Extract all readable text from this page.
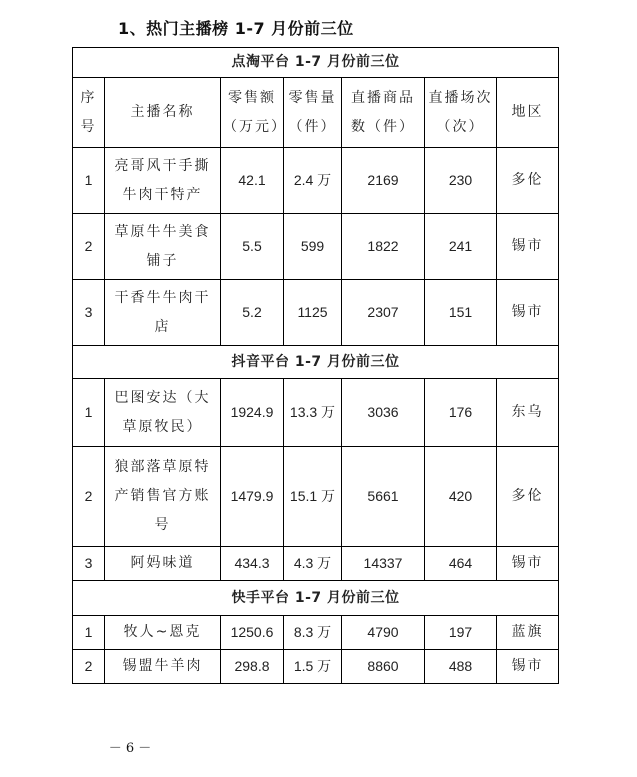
1、热门主播榜 1-7 月份前三位
点淘平台 1-7 月份前三位						
序号	主播名称	零售额（万元）	零售量（件）	直播商品数（件）	直播场次（次）	地区
1	亮哥风干手撕牛肉干特产	42.1	2.4 万	2169	230	多伦
2	草原牛牛美食铺子	5.5	599	1822	241	锡市
3	干香牛牛肉干店	5.2	1125	2307	151	锡市
抖音平台 1-7 月份前三位						
1	巴图安达（大草原牧民）	1924.9	13.3 万	3036	176	东乌
2	狼部落草原特产销售官方账号	1479.9	15.1 万	5661	420	多伦
3	阿妈味道	434.3	4.3 万	14337	464	锡市
快手平台 1-7 月份前三位						
1	牧人~恩克	1250.6	8.3 万	4790	197	蓝旗
2	锡盟牛羊肉	298.8	1.5 万	8860	488	锡市
－ 6 －
